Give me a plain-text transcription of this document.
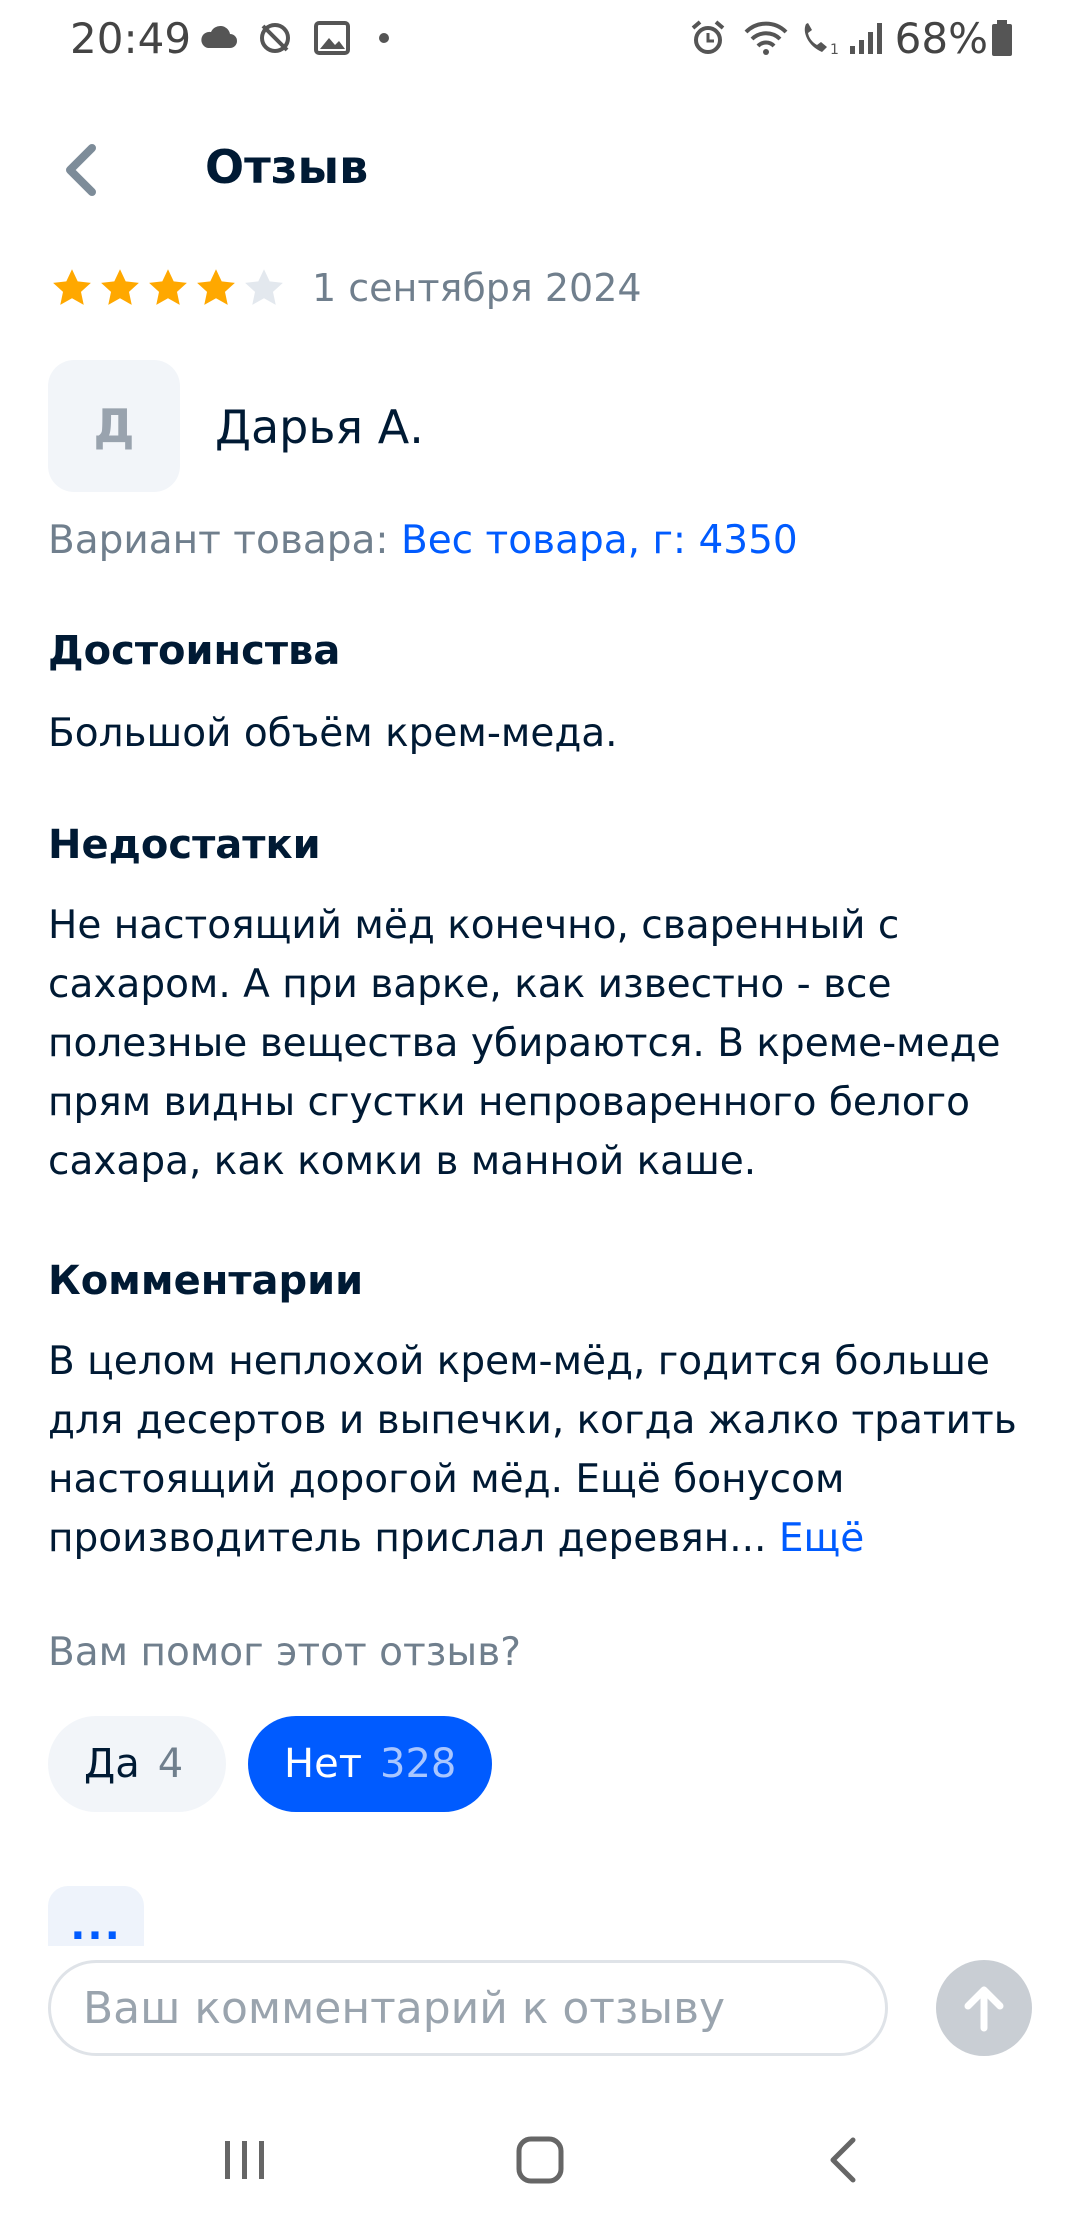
20:49	1 68%
Отзыв
1 сентября 2024
Д Дарья А.
Вариант товара: Вес товара, г: 4350
Достоинства
Большой объём крем-меда.
Недостатки
Не настоящий мёд конечно, сваренный с сахаром. А при варке, как известно - все полезные вещества убираются. В креме-меде прям видны сгустки непроваренного белого сахара, как комки в манной каше.
Комментарии
В целом неплохой крем-мёд, годится больше для десертов и выпечки, когда жалко тратить настоящий дорогой мёд. Ещё бонусом производитель прислал деревян... Ещё
Вам помог этот отзыв?
Да 4	Нет 328
...
Ваш комментарий к отзыву
